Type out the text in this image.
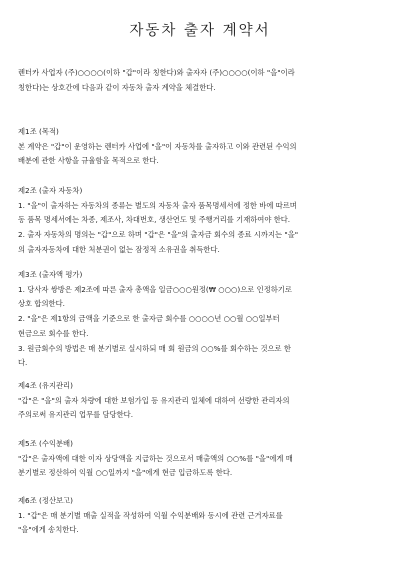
자동차 출자 계약서
렌터카 사업자 (주)○○○○(이하 "갑"이라 칭한다)와 출자자 (주)○○○○(이하 "을"이라
칭한다)는 상호간에 다음과 같이 자동차 출자 계약을 체결한다.
제1조 (목적)
본 계약은 "갑"이 운영하는 렌터카 사업에 "을"이 자동차를 출자하고 이와 관련된 수익의
배분에 관한 사항을 규율함을 목적으로 한다.
제2조 (출자 자동차)
1. "을"이 출자하는 자동차의 종류는 별도의 자동차 출자 품목명세서에 정한 바에 따르며
동 품목 명세서에는 차종, 제조사, 차대번호, 생산연도 및 주행거리를 기재하여야 한다.
2. 출자 자동차의 명의는 "갑"으로 하며 "갑"은 "을"의 출자금 회수의 종료 시까지는 "을"
의 출자자동차에 대한 처분권이 없는 잠정적 소유권을 취득한다.
제3조 (출자액 평가)
1. 당사자 쌍방은 제2조에 따른 출자 총액을 일금○○○원정(₩ ○○○)으로 인정하기로
상호 합의한다.
2. "을"은 제1항의 금액을 기준으로 한 출자금 회수를 ○○○○년 ○○월 ○○일부터
현금으로 회수를 한다.
3. 원금회수의 방법은 매 분기별로 실시하되 매 회 원금의 ○○%를 회수하는 것으로 한
다.
제4조 (유지관리)
"갑"은 "을"의 출자 차량에 대한 보험가입 등 유지관리 일체에 대하여 선량한 관리자의
주의로써 유지관리 업무를 담당한다.
제5조 (수익분배)
"갑"은 출자액에 대한 이자 상당액을 지급하는 것으로서 매출액의 ○○%를 "을"에게 매
분기별로 정산하여 익월 ○○일까지 "을"에게 현금 입금하도록 한다.
제6조 (정산보고)
1. "갑"은 매 분기별 매출 실적을 작성하여 익월 수익분배와 동시에 관련 근거자료를
"을"에게 송치한다.
